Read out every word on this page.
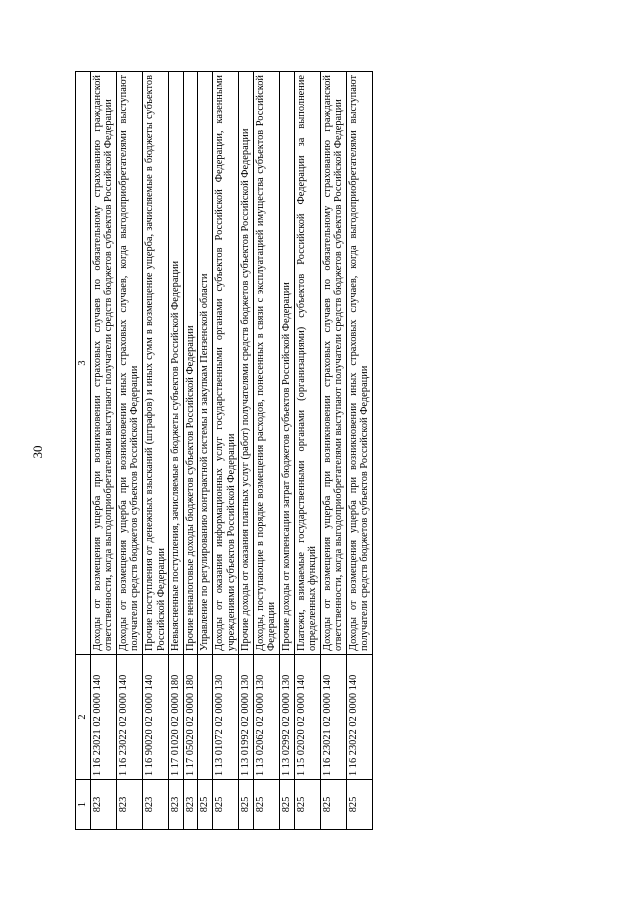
30
1	2	3
823	1 16 23021 02 0000 140	Доходы от возмещения ущерба при возникновении страховых случаев по обязательному страхованию гражданской ответственности, когда выгодоприобретателями выступают получатели средств бюджетов субъектов Российской Федерации
823	1 16 23022 02 0000 140	Доходы от возмещения ущерба при возникновении иных страховых случаев, когда выгодоприобретателями выступают получатели средств бюджетов субъектов Российской Федерации
823	1 16 90020 02 0000 140	Прочие поступления от денежных взысканий (штрафов) и иных сумм в возмещение ущерба, зачисляемые в бюджеты субъектов Российской Федерации
823	1 17 01020 02 0000 180	Невыясненные поступления, зачисляемые в бюджеты субъектов Российской Федерации
823	1 17 05020 02 0000 180	Прочие неналоговые доходы бюджетов субъектов Российской Федерации
825		Управление по регулированию контрактной системы и закупкам Пензенской области
825	1 13 01072 02 0000 130	Доходы от оказания информационных услуг государственными органами субъектов Российской Федерации, казенными учреждениями субъектов Российской Федерации
825	1 13 01992 02 0000 130	Прочие доходы от оказания платных услуг (работ) получателями средств бюджетов субъектов Российской Федерации
825	1 13 02062 02 0000 130	Доходы, поступающие в порядке возмещения расходов, понесенных в связи с эксплуатацией имущества субъектов Российской Федерации
825	1 13 02992 02 0000 130	Прочие доходы от компенсации затрат бюджетов субъектов Российской Федерации
825	1 15 02020 02 0000 140	Платежи, взимаемые государственными органами (организациями) субъектов Российской Федерации за выполнение определенных функций
825	1 16 23021 02 0000 140	Доходы от возмещения ущерба при возникновении страховых случаев по обязательному страхованию гражданской ответственности, когда выгодоприобретателями выступают получатели средств бюджетов субъектов Российской Федерации
825	1 16 23022 02 0000 140	Доходы от возмещения ущерба при возникновении иных страховых случаев, когда выгодоприобретателями выступают получатели средств бюджетов субъектов Российской Федерации
